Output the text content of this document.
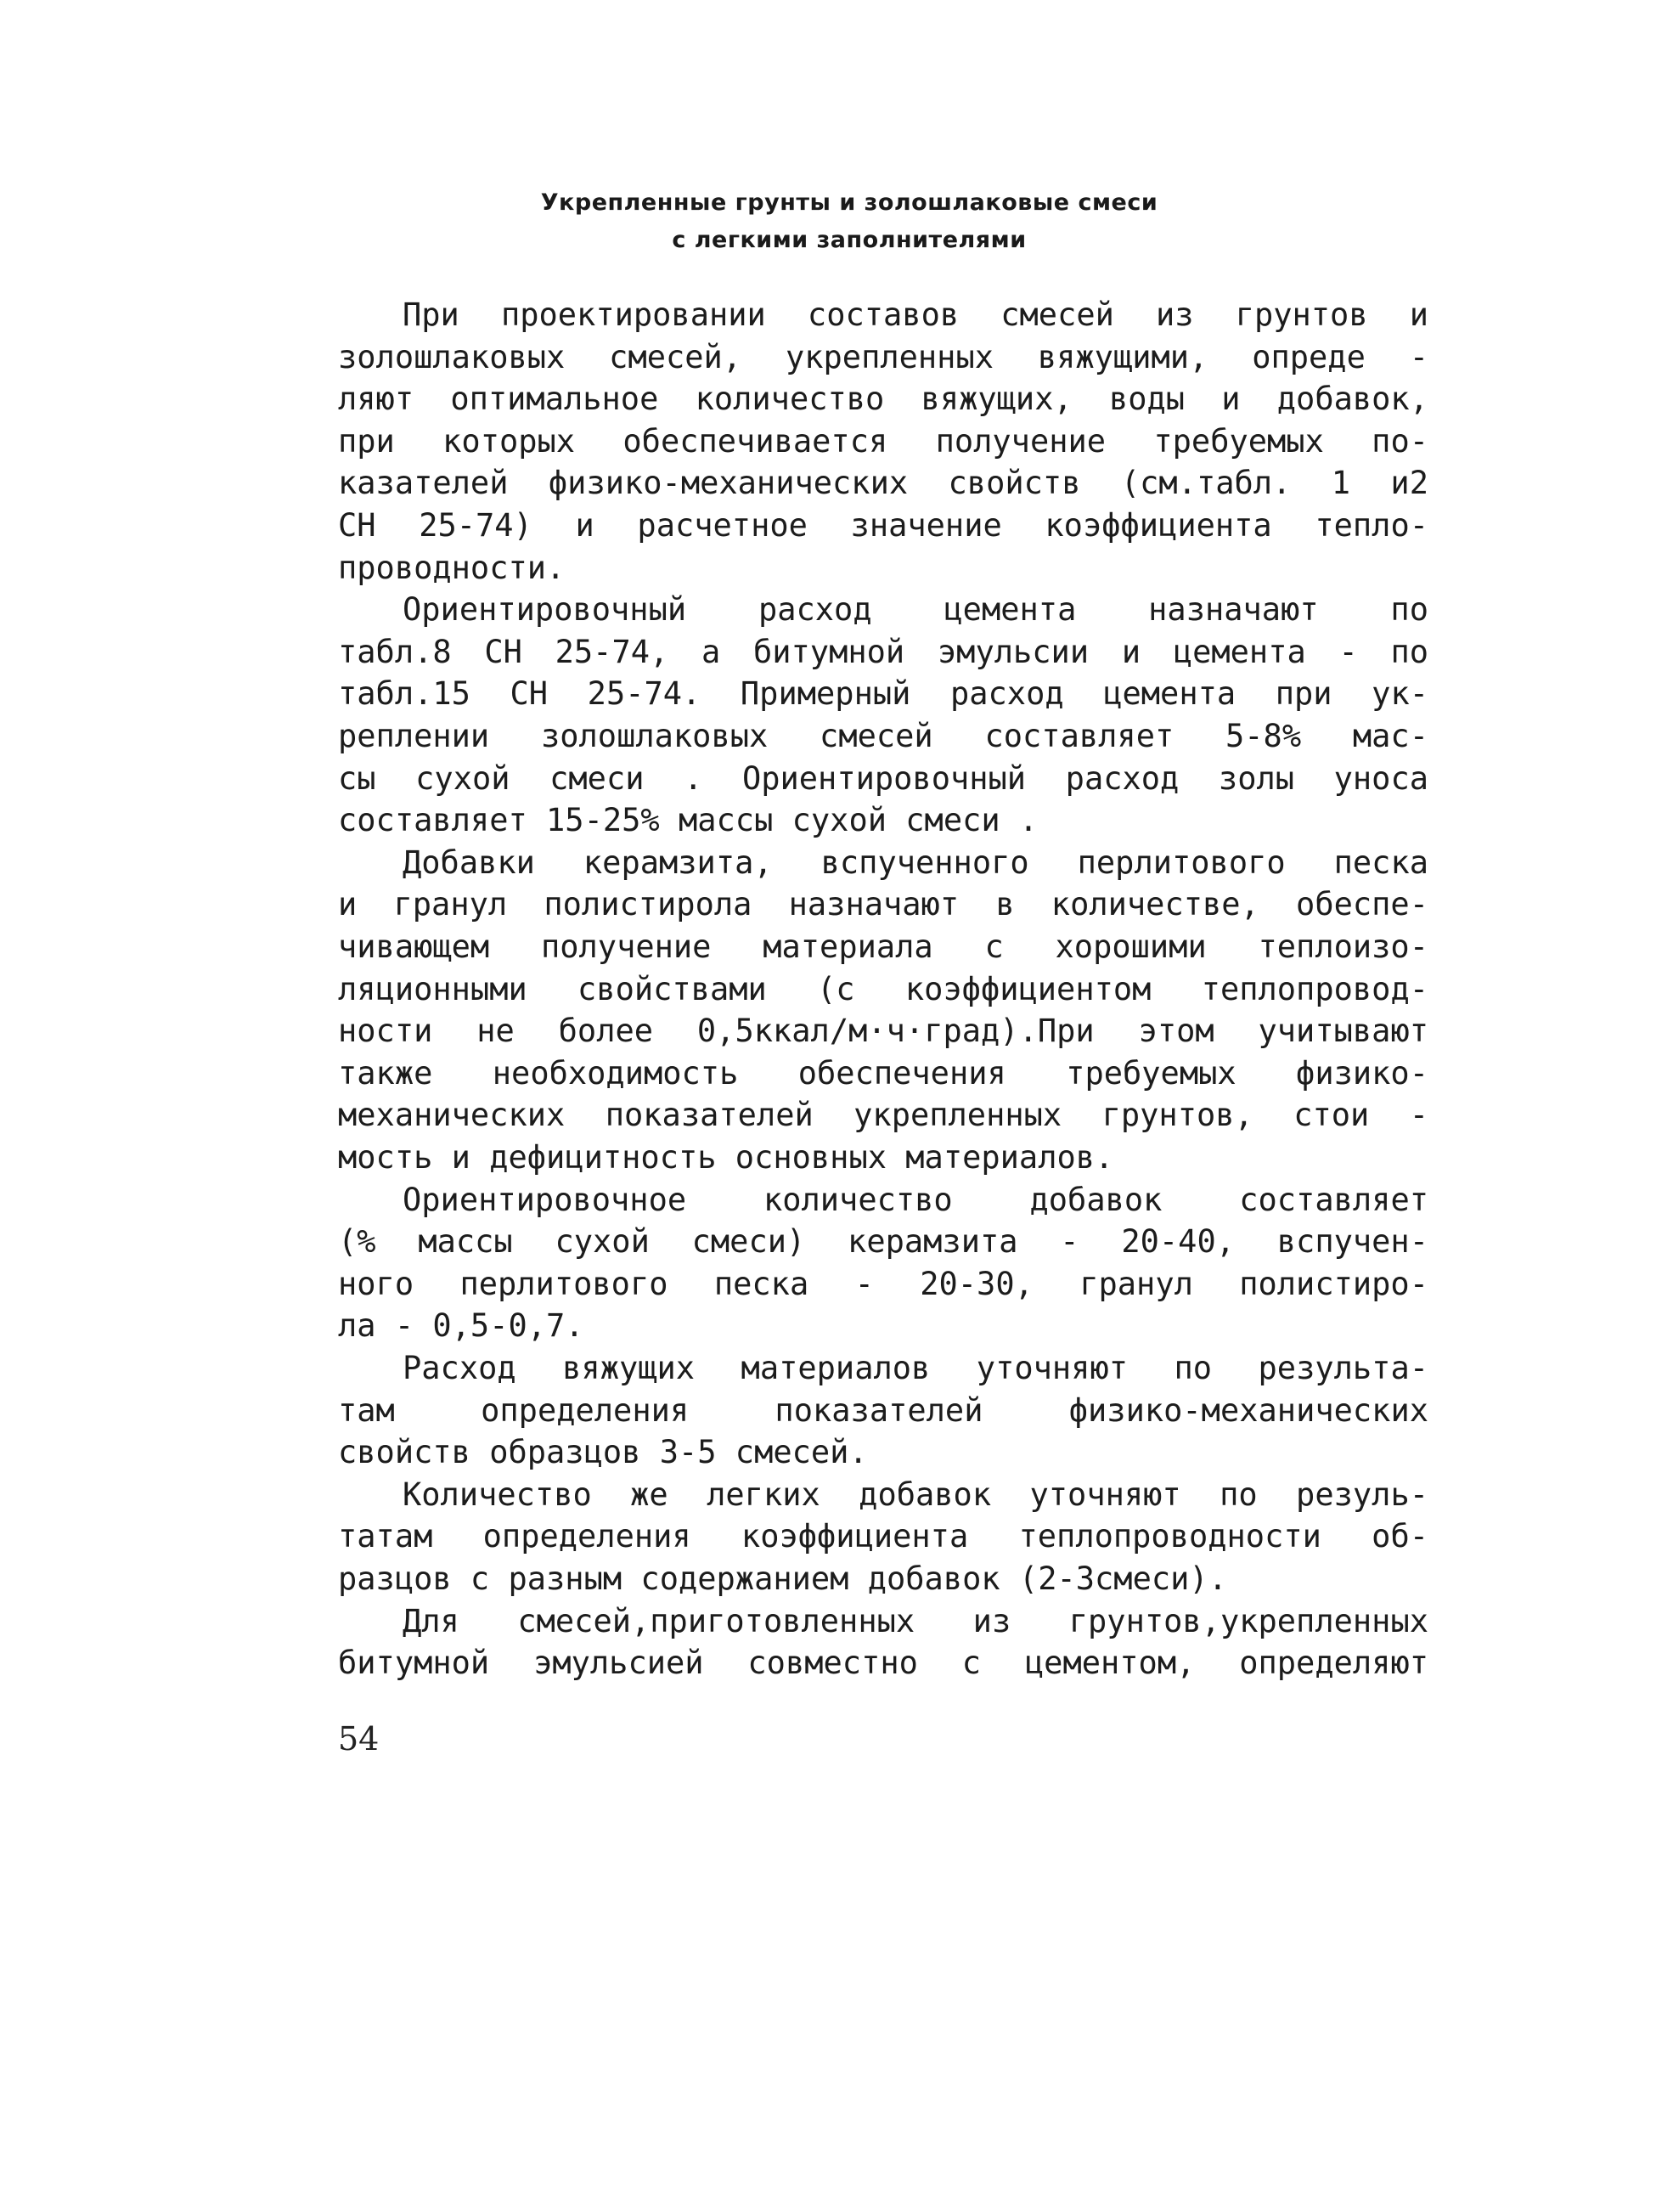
Укрепленные грунты и золошлаковые смеси
с легкими заполнителями
При проектировании составов смесей из грунтов и
золошлаковых смесей, укрепленных вяжущими, опреде -
ляют оптимальное количество вяжущих, воды и добавок,
при которых обеспечивается получение требуемых по-
казателей физико-механических свойств (см.табл. 1 и2
СН 25-74) и расчетное значение коэффициента тепло-
проводности.
Ориентировочный расход цемента назначают по
табл.8 СН 25-74, а битумной эмульсии и цемента - по
табл.15 СН 25-74. Примерный расход цемента при ук-
реплении золошлаковых смесей составляет 5-8% мас-
сы сухой смеси . Ориентировочный расход золы уноса
составляет 15-25% массы сухой смеси .
Добавки керамзита, вспученного перлитового песка
и гранул полистирола назначают в количестве, обеспе-
чивающем получение материала с хорошими теплоизо-
ляционными свойствами (с коэффициентом теплопровод-
ности не более 0,5ккал/м·ч·град).При этом учитывают
также необходимость обеспечения требуемых физико-
механических показателей укрепленных грунтов, стои -
мость и дефицитность основных материалов.
Ориентировочное количество добавок составляет
(% массы сухой смеси) керамзита - 20-40, вспучен-
ного перлитового песка - 20-30, гранул полистиро-
ла - 0,5-0,7.
Расход вяжущих материалов уточняют по результа-
там определения показателей физико-механических
свойств образцов 3-5 смесей.
Количество же легких добавок уточняют по резуль-
татам определения коэффициента теплопроводности об-
разцов с разным содержанием добавок (2-3смеси).
Для смесей,приготовленных из грунтов,укрепленных
битумной эмульсией совместно с цементом, определяют
54
